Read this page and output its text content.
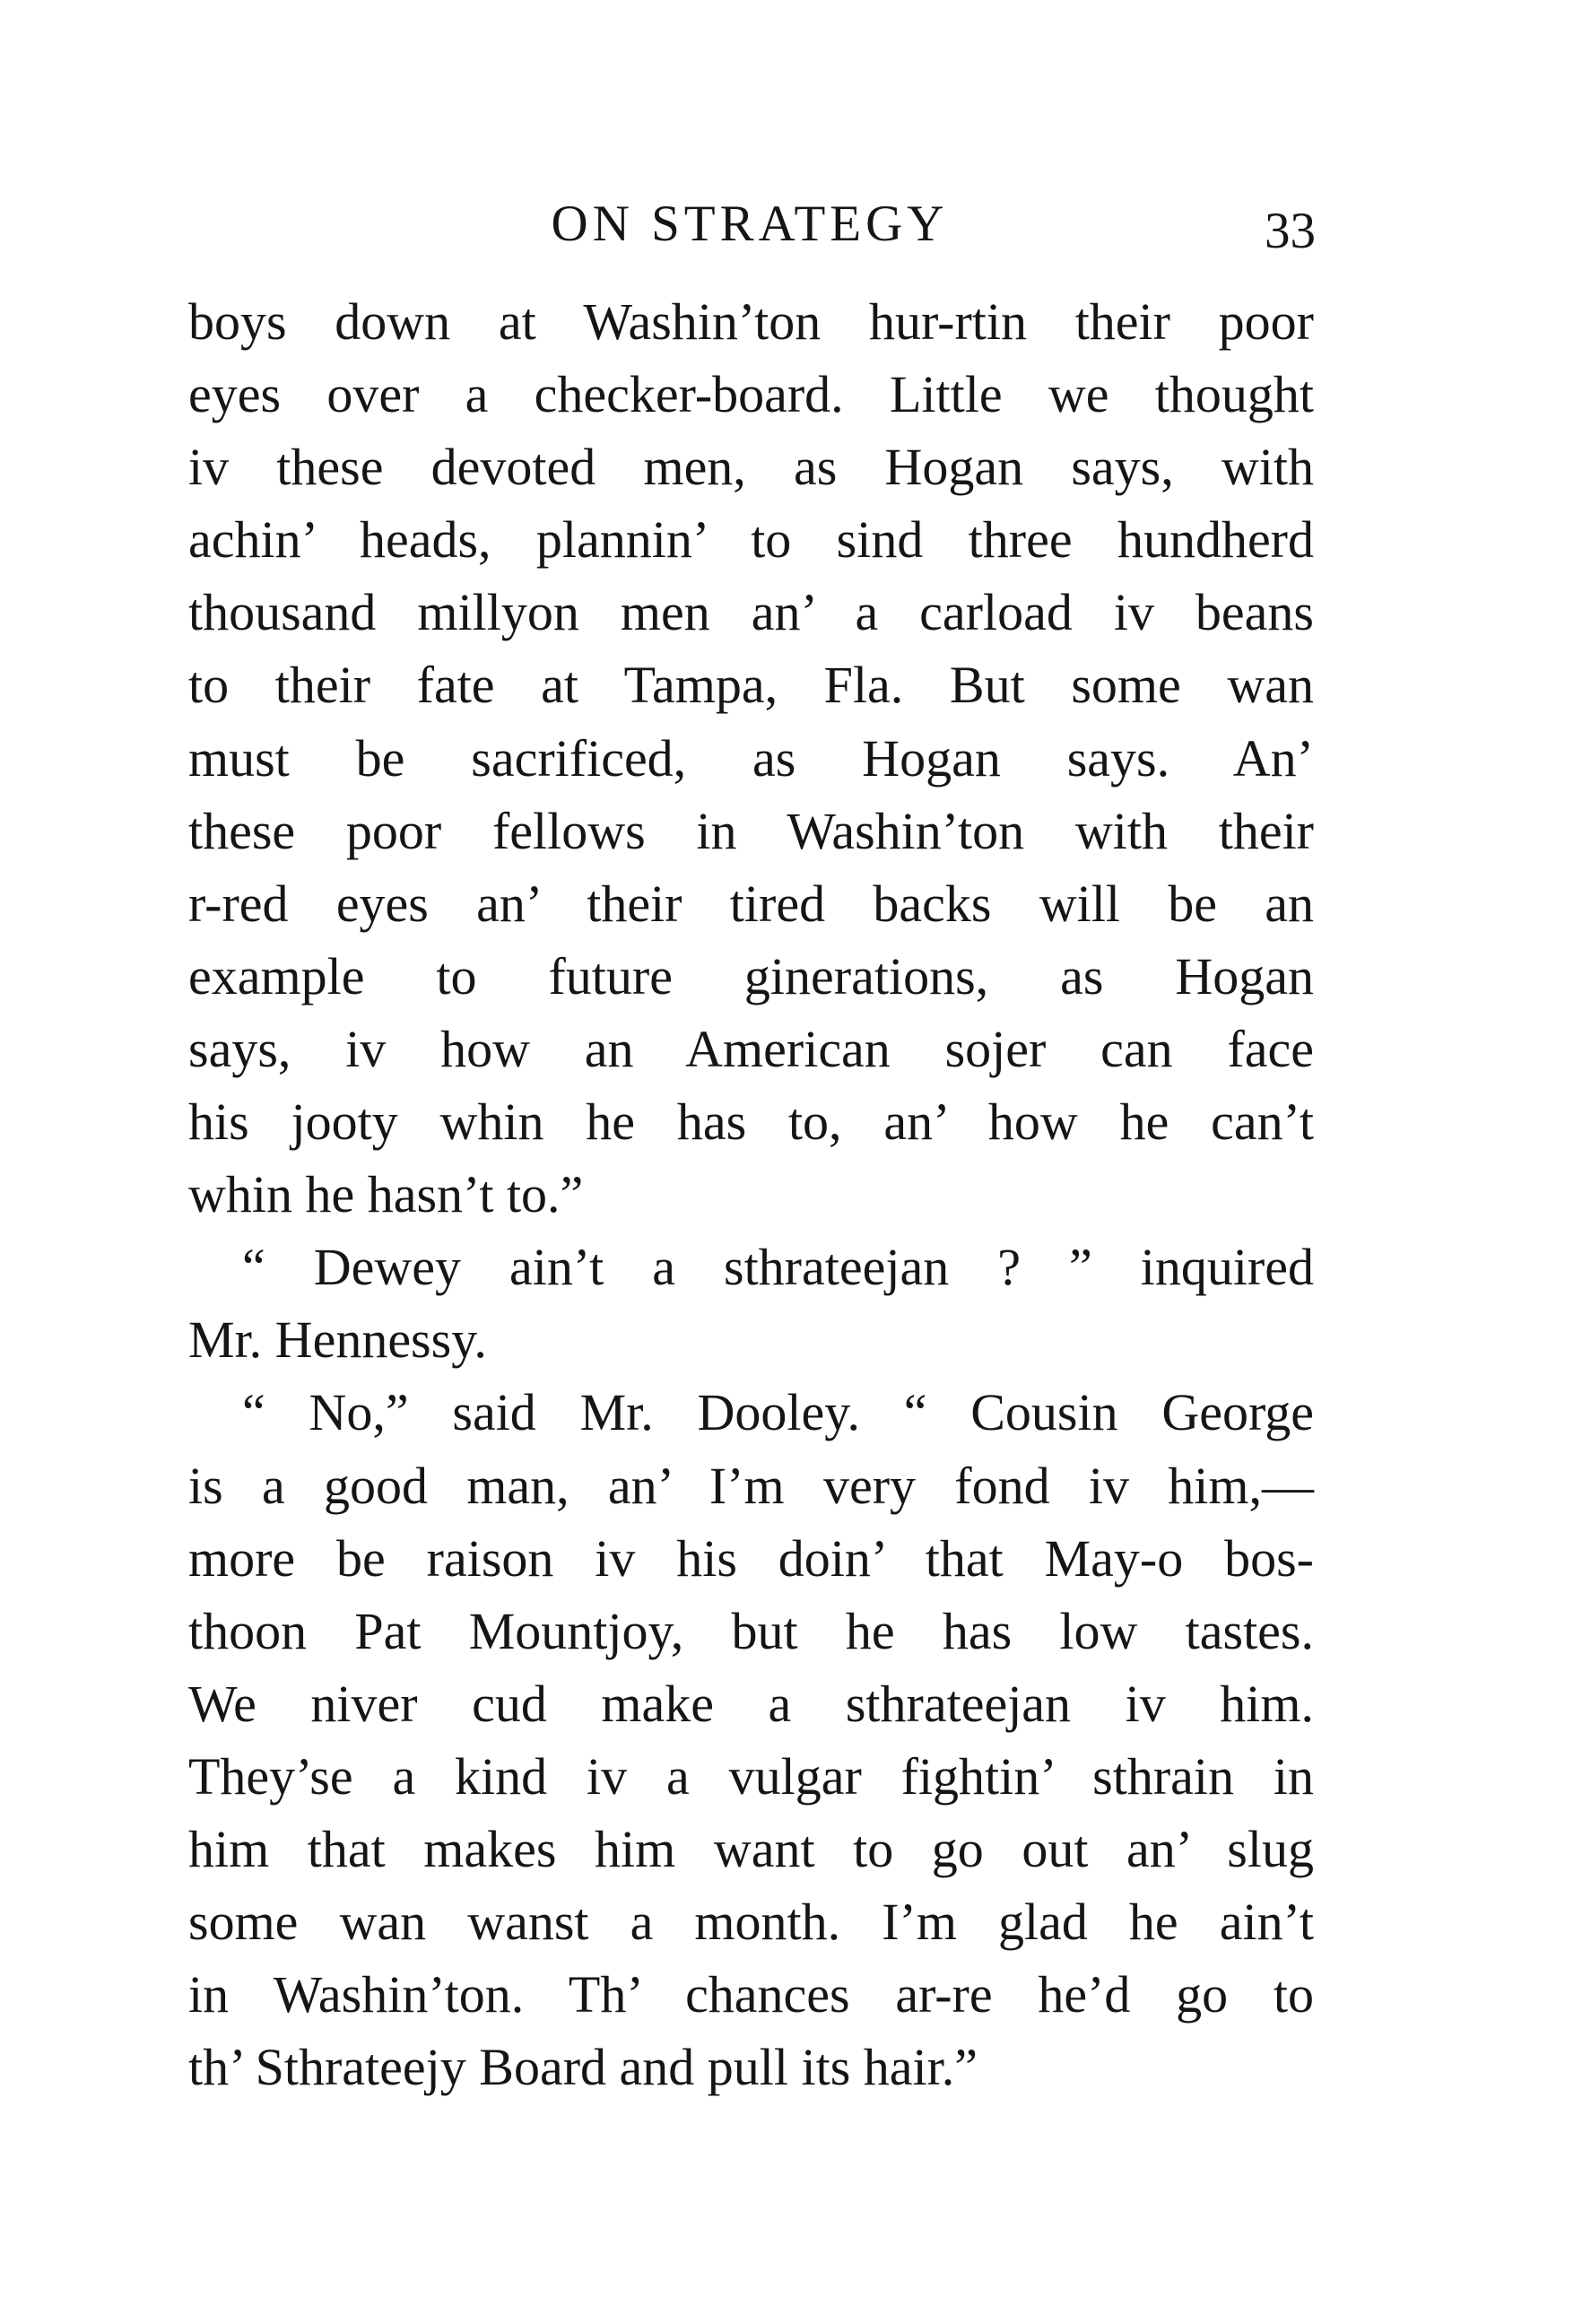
ON STRATEGY	33
boys down at Washin’ton hur-rtin their poor
eyes over a checker-board. Little we thought
iv these devoted men, as Hogan says, with
achin’ heads, plannin’ to sind three hundherd
thousand millyon men an’ a carload iv beans
to their fate at Tampa, Fla. But some wan
must be sacrificed, as Hogan says. An’
these poor fellows in Washin’ton with their
r-red eyes an’ their tired backs will be an
example to future ginerations, as Hogan
says, iv how an American sojer can face
his jooty whin he has to, an’ how he can’t
whin he hasn’t to.”
“ Dewey ain’t a sthrateejan ? ” inquired
Mr. Hennessy.
“ No,” said Mr. Dooley. “ Cousin George
is a good man, an’ I’m very fond iv him,—
more be raison iv his doin’ that May-o bos-
thoon Pat Mountjoy, but he has low tastes.
We niver cud make a sthrateejan iv him.
They’se a kind iv a vulgar fightin’ sthrain in
him that makes him want to go out an’ slug
some wan wanst a month. I’m glad he ain’t
in Washin’ton. Th’ chances ar-re he’d go to
th’ Sthrateejy Board and pull its hair.”
